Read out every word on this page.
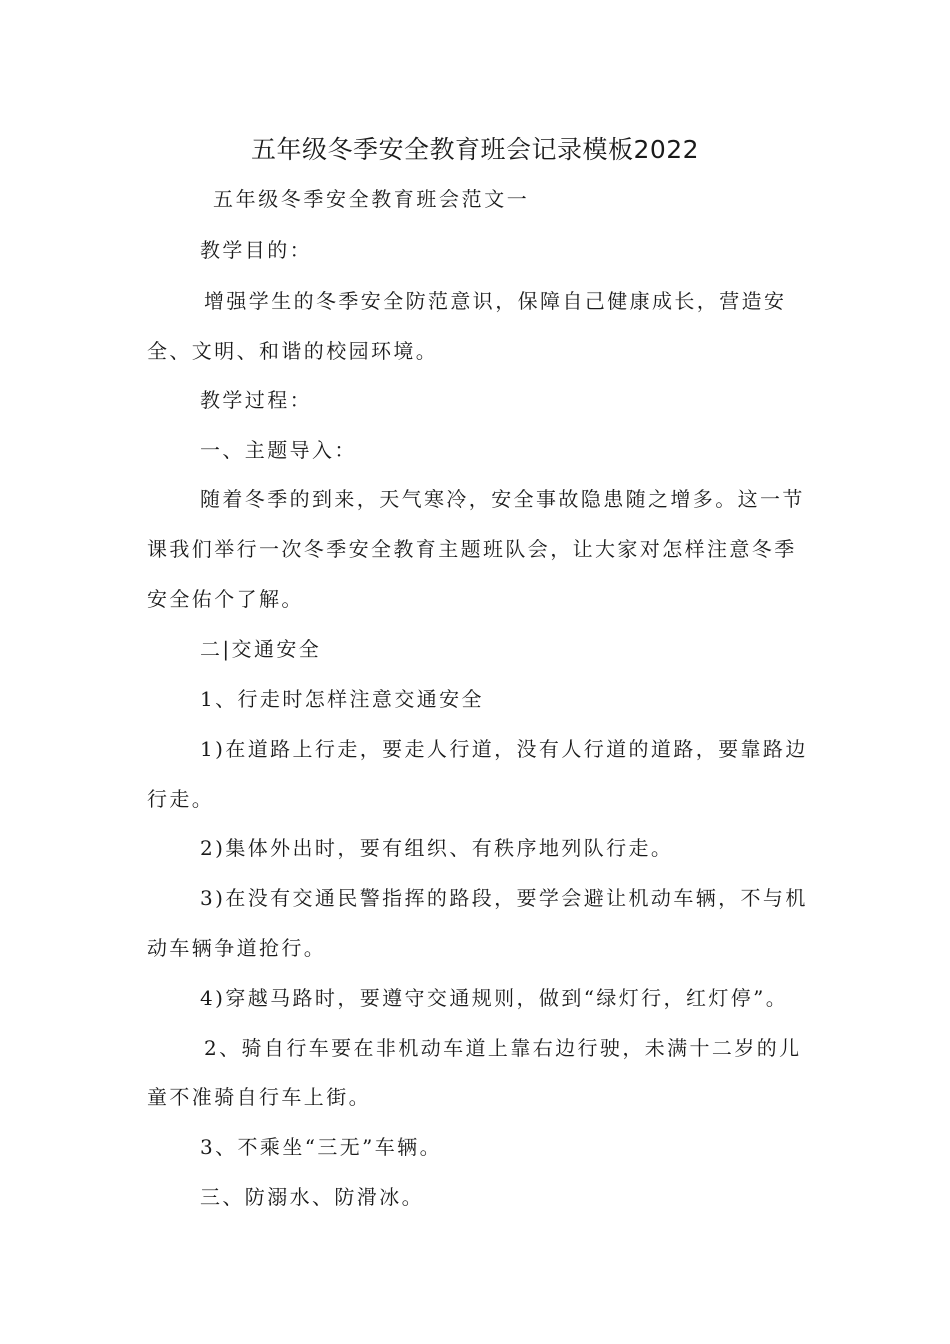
五年级冬季安全教育班会记录模板2022
五年级冬季安全教育班会范文一
教学目的：
增强学生的冬季安全防范意识，保障自己健康成长，营造安
全、文明、和谐的校园环境。
教学过程：
一、主题导入：
随着冬季的到来，天气寒冷，安全事故隐患随之增多。这一节
课我们举行一次冬季安全教育主题班队会，让大家对怎样注意冬季
安全佑个了解。
二|交通安全
1、行走时怎样注意交通安全
1)在道路上行走，要走人行道，没有人行道的道路，要靠路边
行走。
2)集体外出时，要有组织、有秩序地列队行走。
3)在没有交通民警指挥的路段，要学会避让机动车辆，不与机
动车辆争道抢行。
4)穿越马路时，要遵守交通规则，做到“绿灯行，红灯停”。
2、骑自行车要在非机动车道上靠右边行驶，未满十二岁的儿
童不准骑自行车上街。
3、不乘坐“三无”车辆。
三、防溺水、防滑冰。
